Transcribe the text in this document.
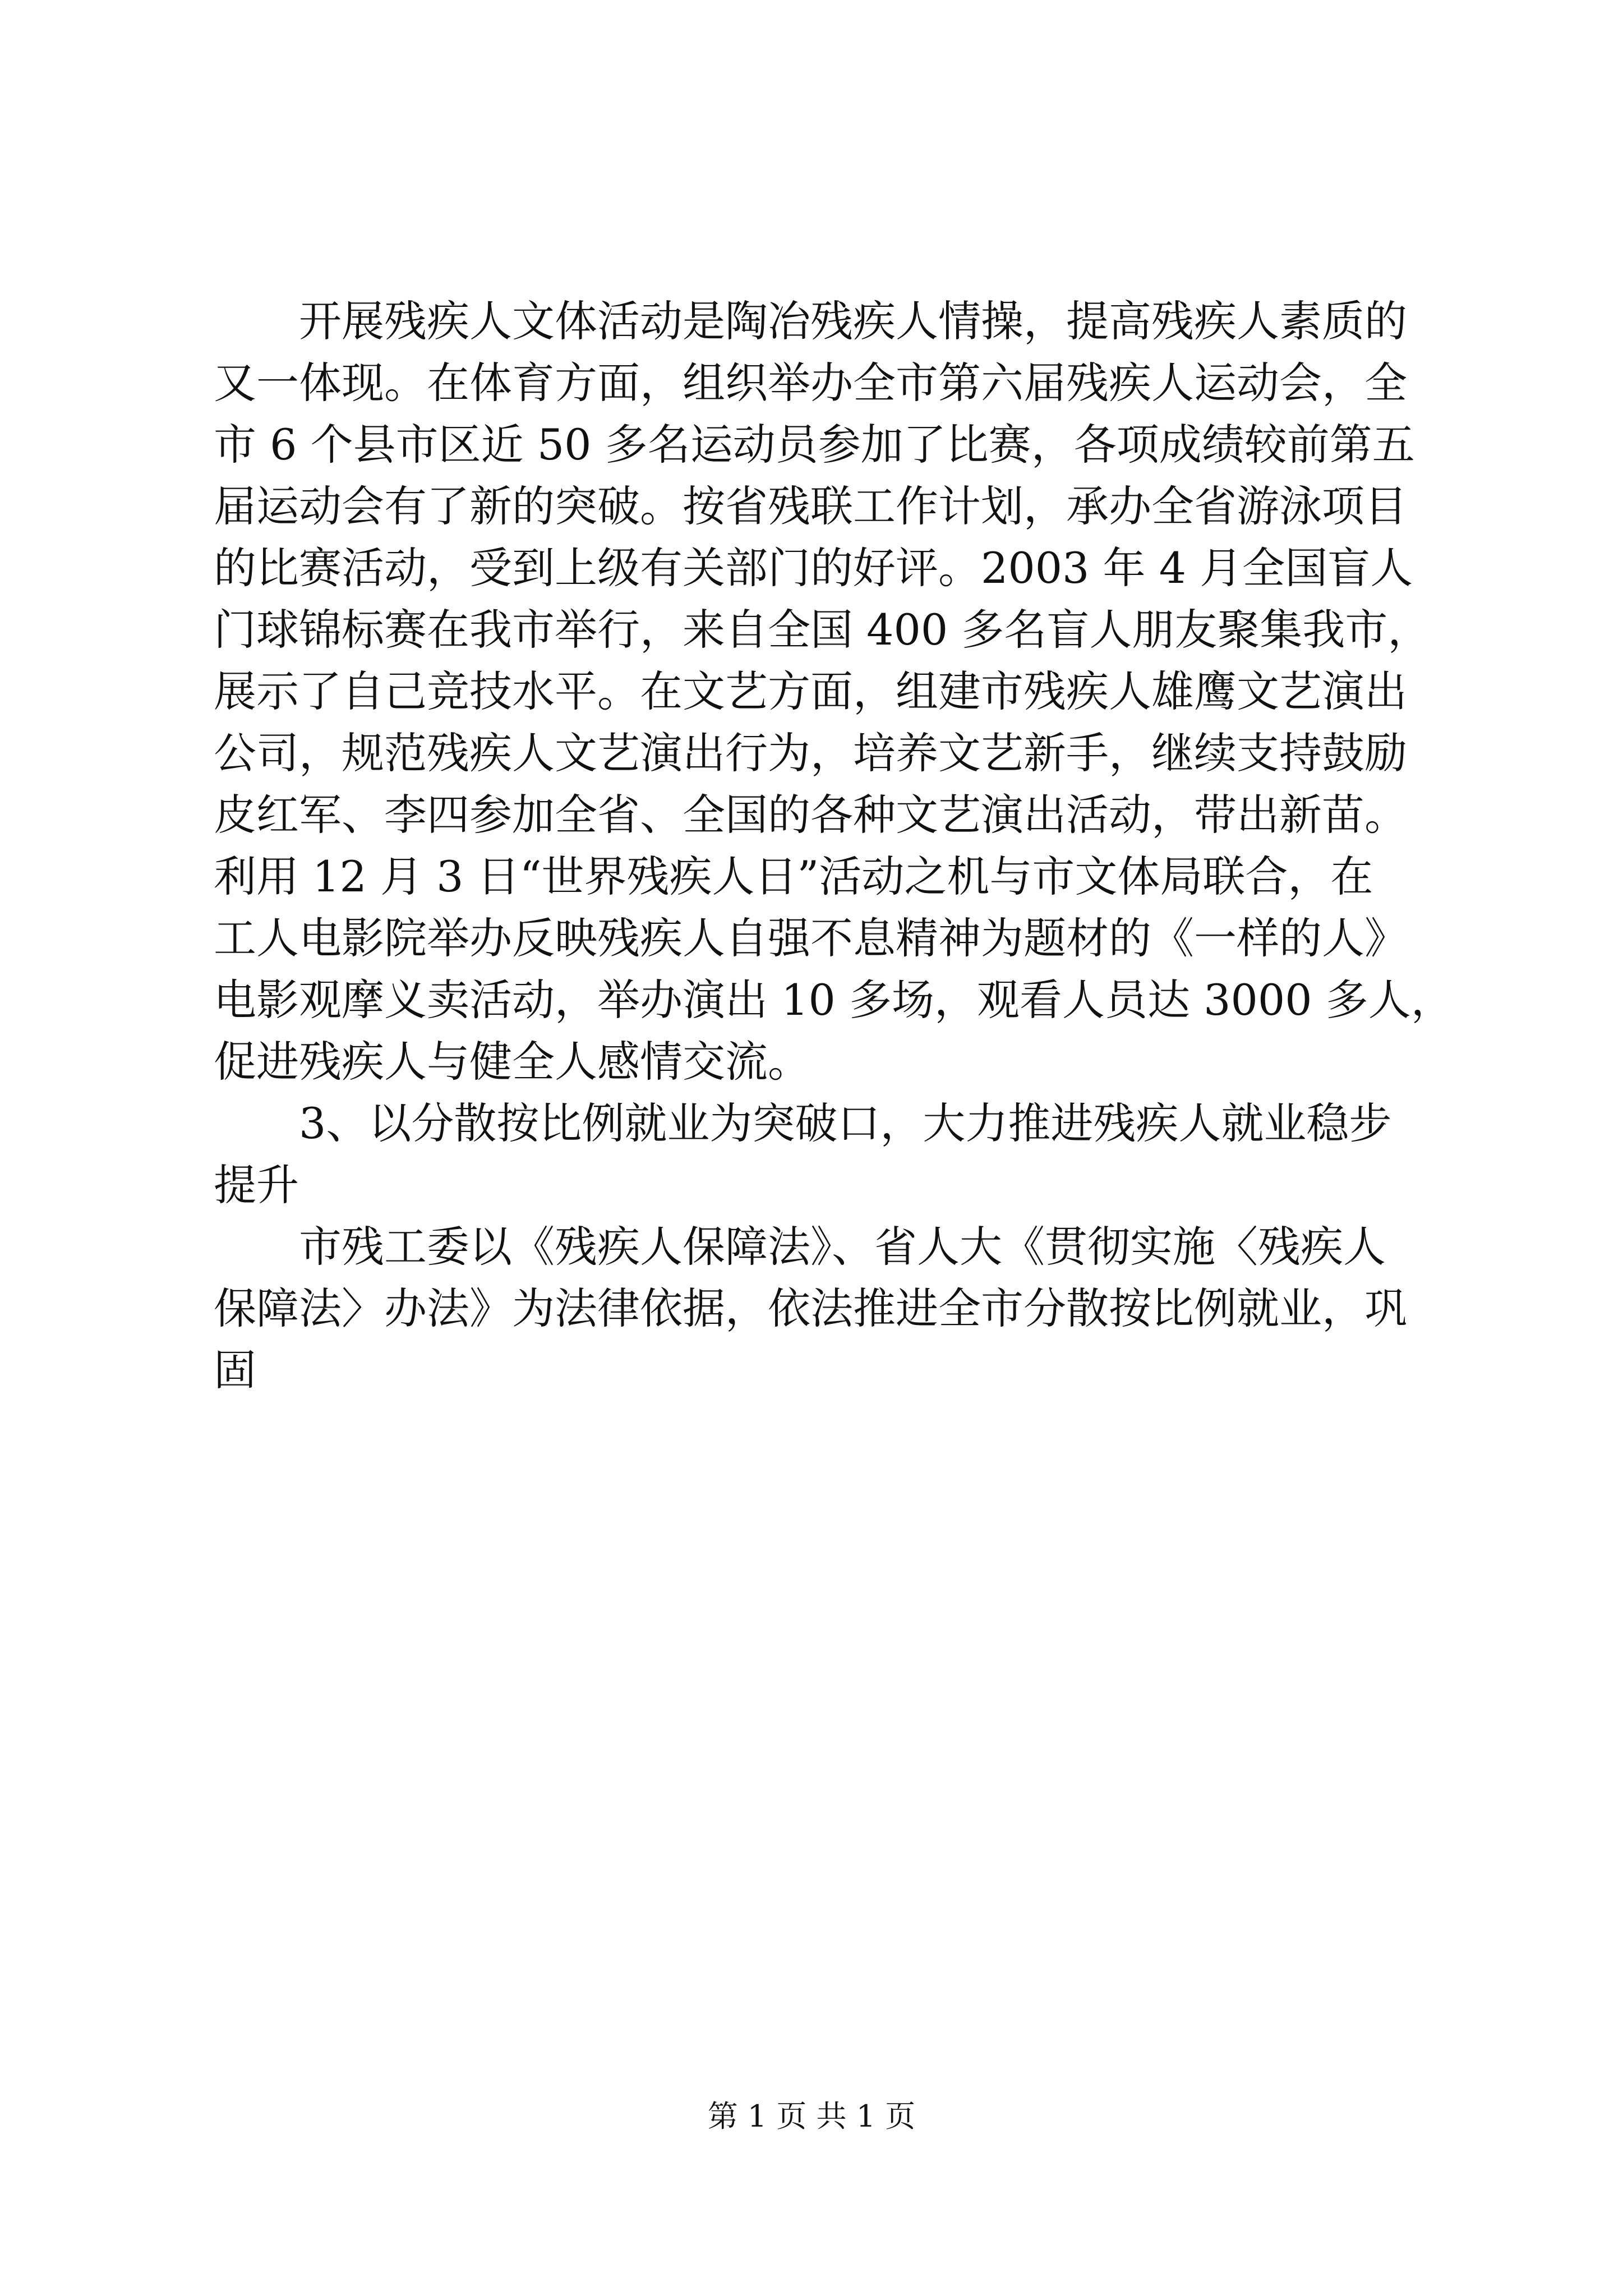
　　开展残疾人文体活动是陶冶残疾人情操，提高残疾人素质的
又一体现。在体育方面，组织举办全市第六届残疾人运动会，全
市 6 个县市区近 50 多名运动员参加了比赛，各项成绩较前第五
届运动会有了新的突破。按省残联工作计划，承办全省游泳项目
的比赛活动，受到上级有关部门的好评。2003 年 4 月全国盲人
门球锦标赛在我市举行，来自全国 400 多名盲人朋友聚集我市，
展示了自己竞技水平。在文艺方面，组建市残疾人雄鹰文艺演出
公司，规范残疾人文艺演出行为，培养文艺新手，继续支持鼓励
皮红军、李四参加全省、全国的各种文艺演出活动，带出新苗。
利用 12 月 3 日“世界残疾人日”活动之机与市文体局联合，在
工人电影院举办反映残疾人自强不息精神为题材的《一样的人》
电影观摩义卖活动，举办演出 10 多场，观看人员达 3000 多人，
促进残疾人与健全人感情交流。
　　3、以分散按比例就业为突破口，大力推进残疾人就业稳步
提升
　　市残工委以《残疾人保障法》、省人大《贯彻实施〈残疾人
保障法〉办法》为法律依据，依法推进全市分散按比例就业，巩
固
第 1 页 共 1 页
